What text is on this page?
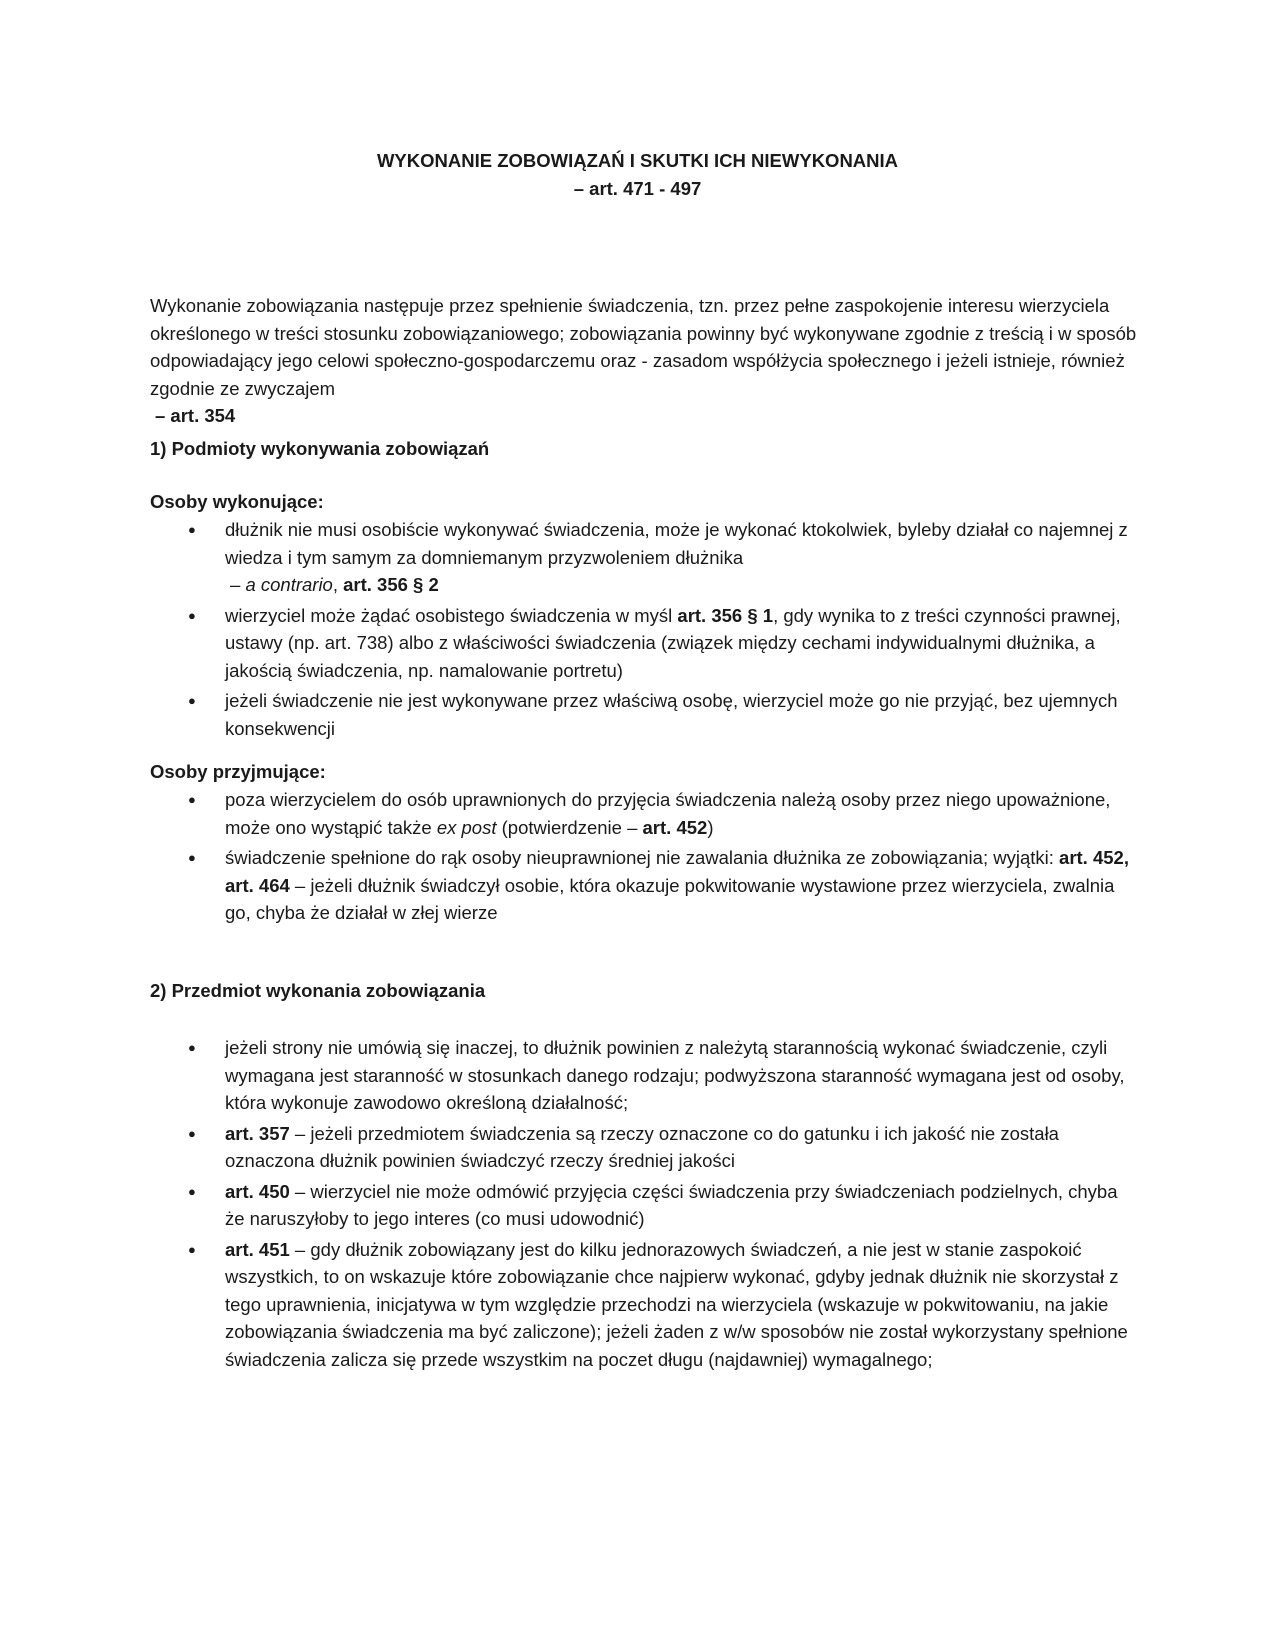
WYKONANIE ZOBOWIĄZAŃ I SKUTKI ICH NIEWYKONANIA
– art. 471 - 497
Wykonanie zobowiązania następuje przez spełnienie świadczenia, tzn. przez pełne zaspokojenie interesu wierzyciela określonego w treści stosunku zobowiązaniowego; zobowiązania powinny być wykonywane zgodnie z treścią i w sposób odpowiadający jego celowi społeczno-gospodarczemu oraz - zasadom współżycia społecznego i jeżeli istnieje, również zgodnie ze zwyczajem
– art. 354
1) Podmioty wykonywania zobowiązań
Osoby wykonujące:
● dłużnik nie musi osobiście wykonywać świadczenia, może je wykonać ktokolwiek, byleby działał co najemnej z wiedza i tym samym za domniemanym przyzwoleniem dłużnika
– a contrario, art. 356 § 2
● wierzyciel może żądać osobistego świadczenia w myśl art. 356 § 1, gdy wynika to z treści czynności prawnej, ustawy (np. art. 738) albo z właściwości świadczenia (związek między cechami indywidualnymi dłużnika, a jakością świadczenia, np. namalowanie portretu)
● jeżeli świadczenie nie jest wykonywane przez właściwą osobę, wierzyciel może go nie przyjąć, bez ujemnych konsekwencji
Osoby przyjmujące:
● poza wierzycielem do osób uprawnionych do przyjęcia świadczenia należą osoby przez niego upoważnione, może ono wystąpić także ex post (potwierdzenie – art. 452)
● świadczenie spełnione do rąk osoby nieuprawnionej nie zawalania dłużnika ze zobowiązania; wyjątki: art. 452, art. 464 – jeżeli dłużnik świadczył osobie, która okazuje pokwitowanie wystawione przez wierzyciela, zwalnia go, chyba że działał w złej wierze
2) Przedmiot wykonania zobowiązania
● jeżeli strony nie umówią się inaczej, to dłużnik powinien z należytą starannością wykonać świadczenie, czyli wymagana jest staranność w stosunkach danego rodzaju; podwyższona staranność wymagana jest od osoby, która wykonuje zawodowo określoną działalność;
● art. 357 – jeżeli przedmiotem świadczenia są rzeczy oznaczone co do gatunku i ich jakość nie została oznaczona dłużnik powinien świadczyć rzeczy średniej jakości
● art. 450 – wierzyciel nie może odmówić przyjęcia części świadczenia przy świadczeniach podzielnych, chyba że naruszyłoby to jego interes (co musi udowodnić)
● art. 451 – gdy dłużnik zobowiązany jest do kilku jednorazowych świadczeń, a nie jest w stanie zaspokoić wszystkich, to on wskazuje które zobowiązanie chce najpierw wykonać, gdyby jednak dłużnik nie skorzystał z tego uprawnienia, inicjatywa w tym względzie przechodzi na wierzyciela (wskazuje w pokwitowaniu, na jakie zobowiązania świadczenia ma być zaliczone); jeżeli żaden z w/w sposobów nie został wykorzystany spełnione świadczenia zalicza się przede wszystkim na poczet długu (najdawniej) wymagalnego;
